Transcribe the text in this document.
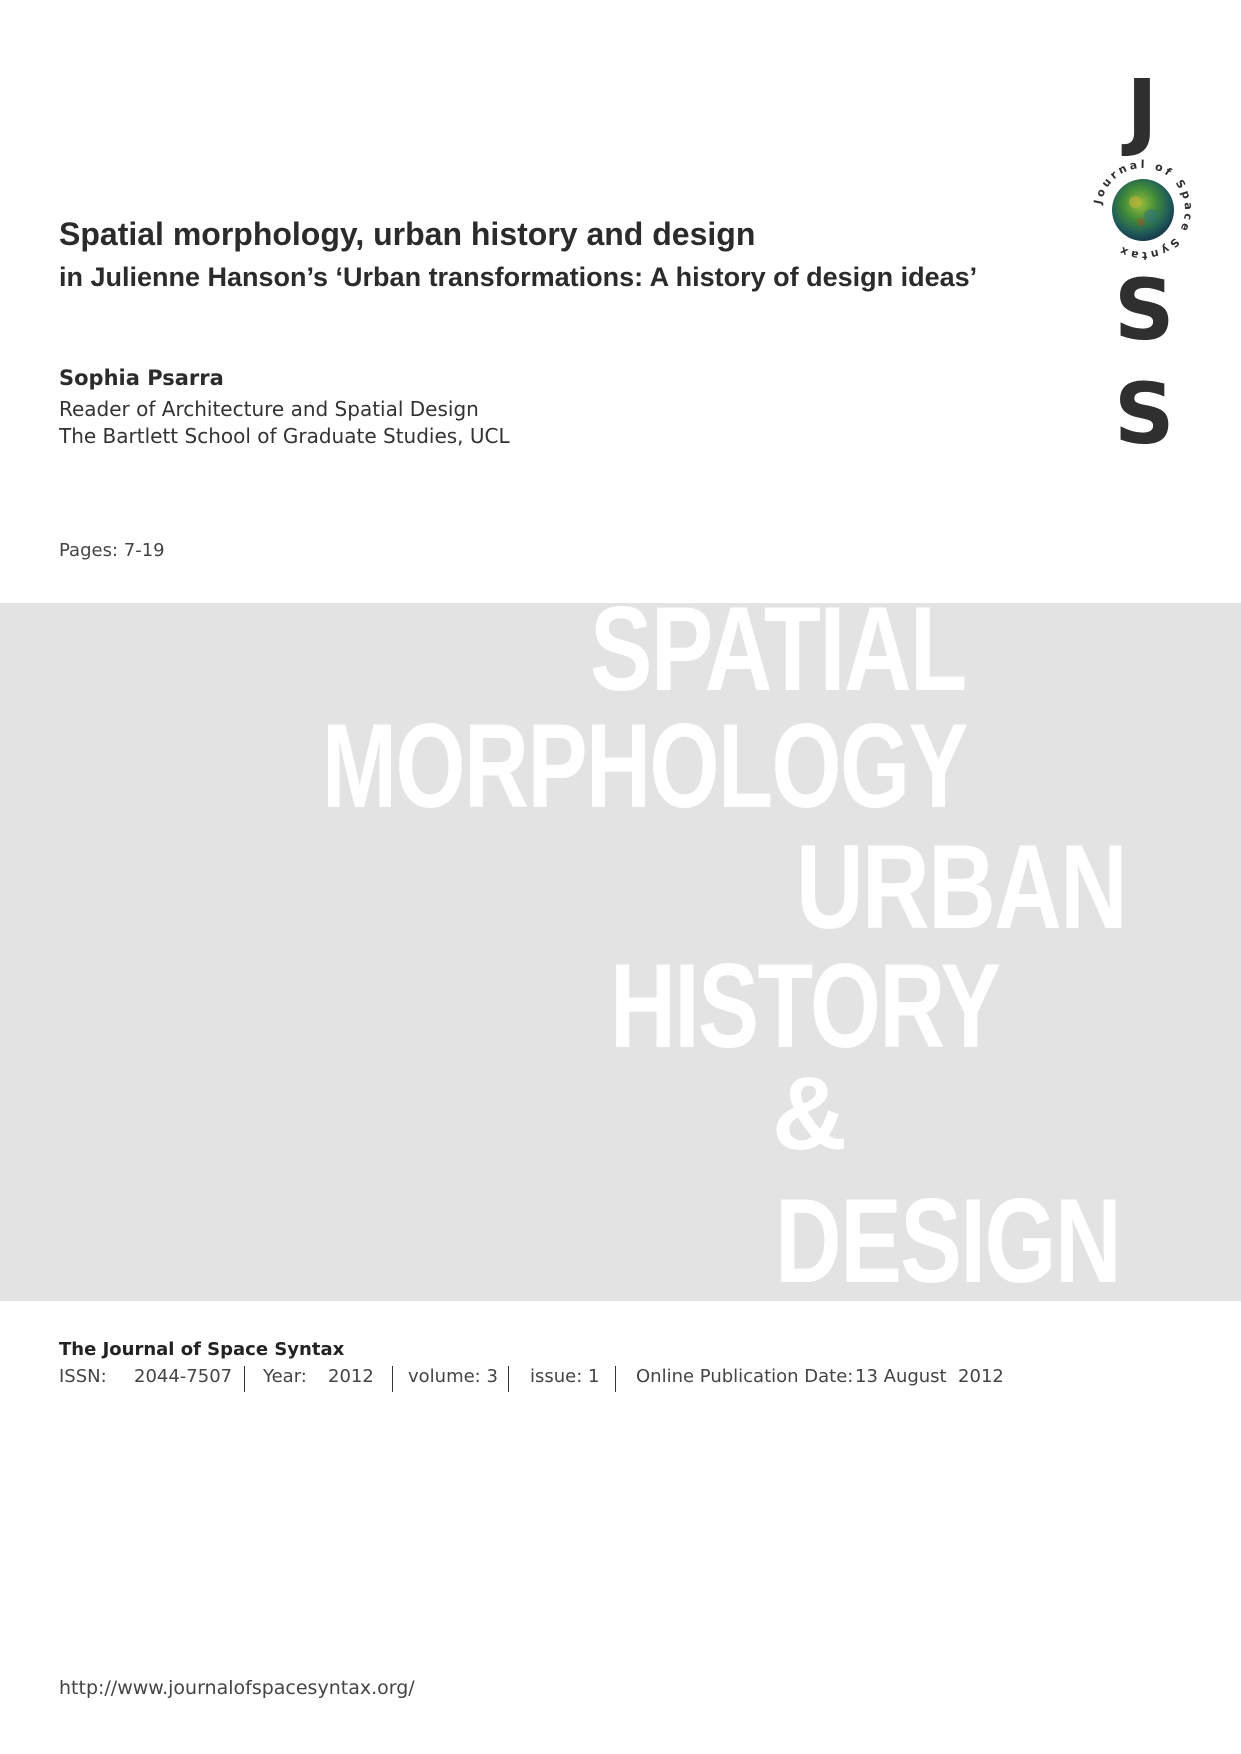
Spatial morphology, urban history and design
in Julienne Hanson’s ‘Urban transformations: A history of design ideas’
Sophia Psarra
Reader of Architecture and Spatial Design
The Bartlett School of Graduate Studies, UCL
Pages: 7-19
J
Journal of Space Syntax
S
S
SPATIAL
MORPHOLOGY
URBAN
HISTORY
&
DESIGN
The Journal of Space Syntax
ISSN: 2044-7507 Year: 2012 volume: 3 issue: 1 Online Publication Date: 13 August  2012
http://www.journalofspacesyntax.org/
